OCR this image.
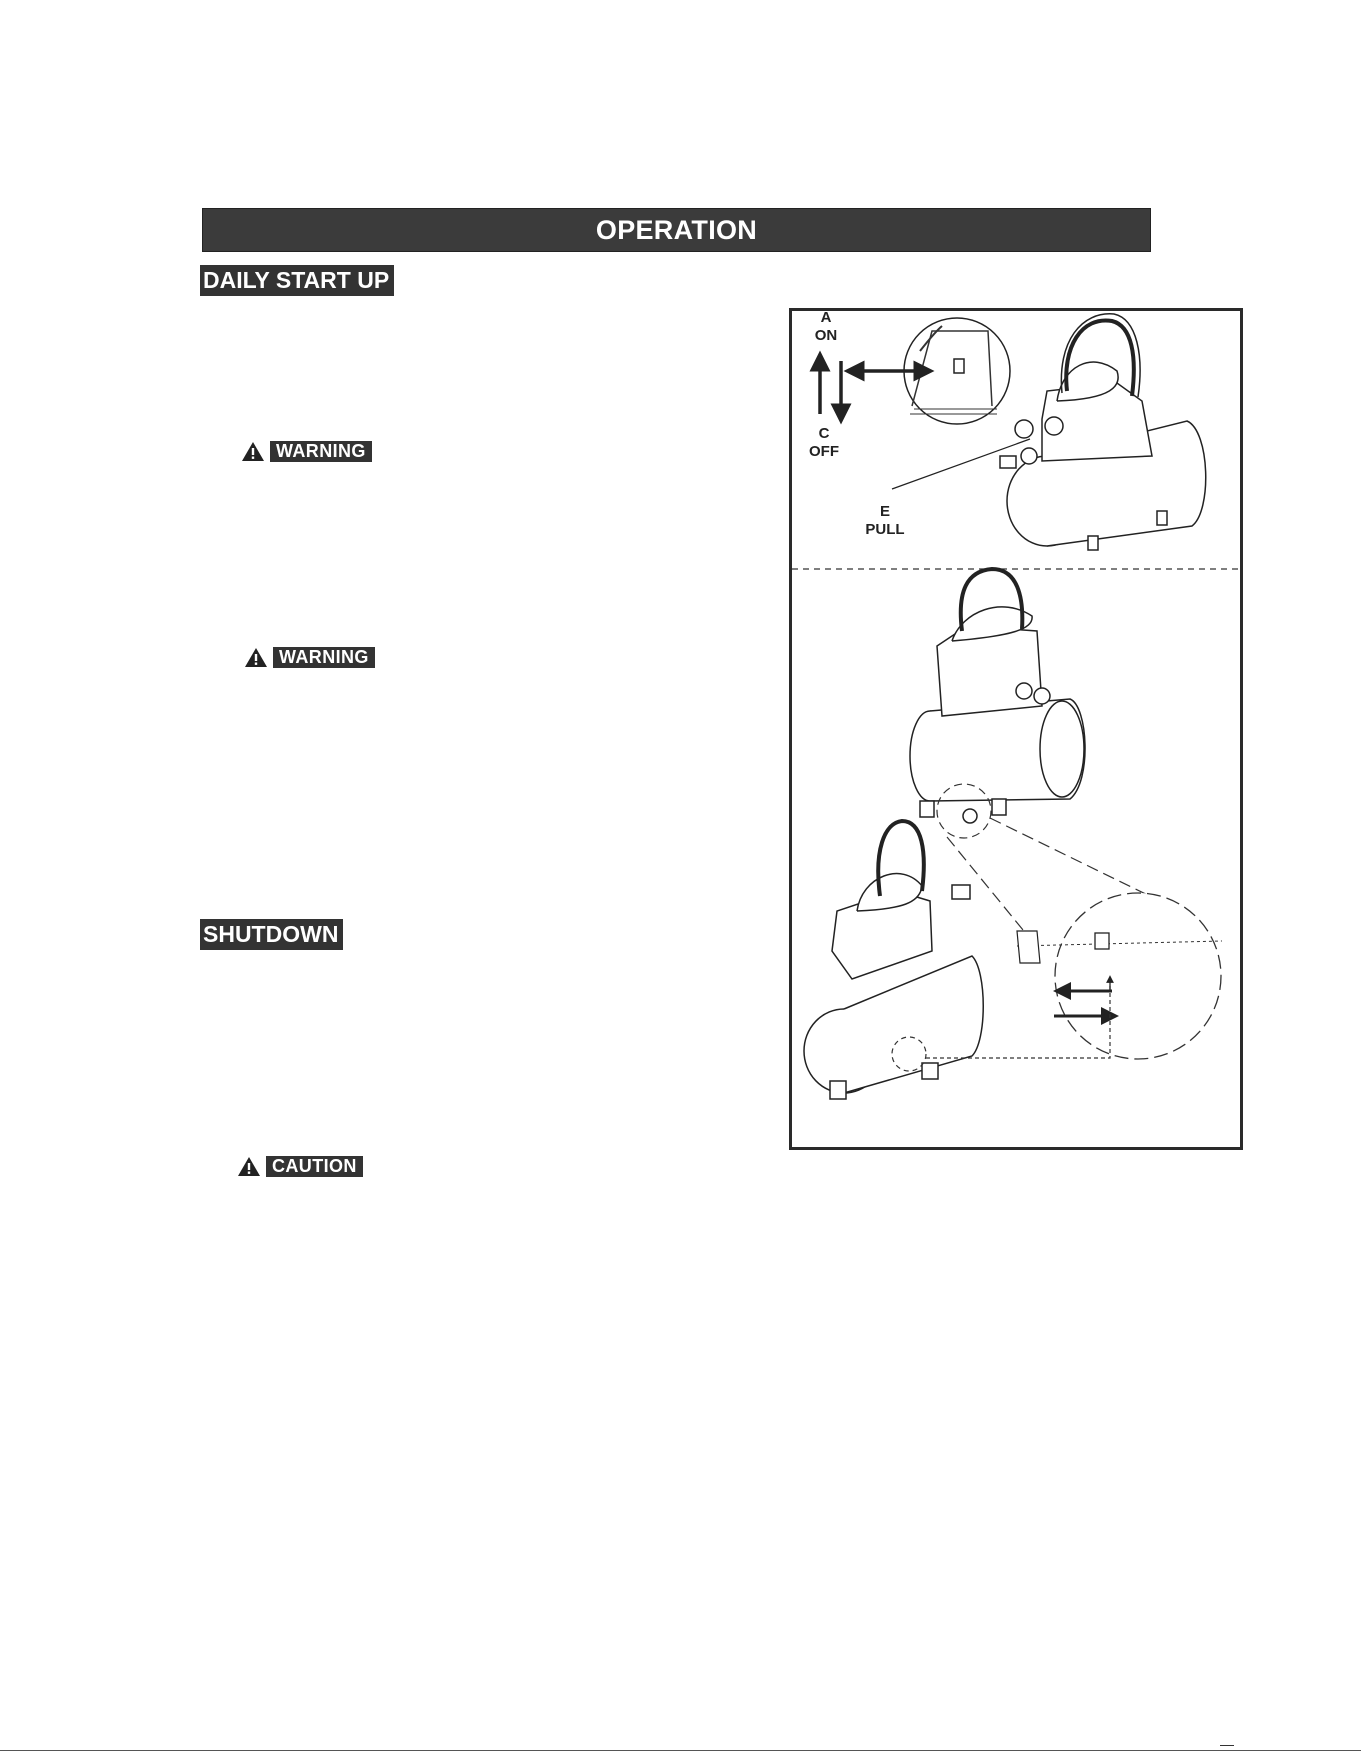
OPERATION
DAILY START UP
WARNING
WARNING
SHUTDOWN
CAUTION
A
ON
C
OFF
E
PULL
